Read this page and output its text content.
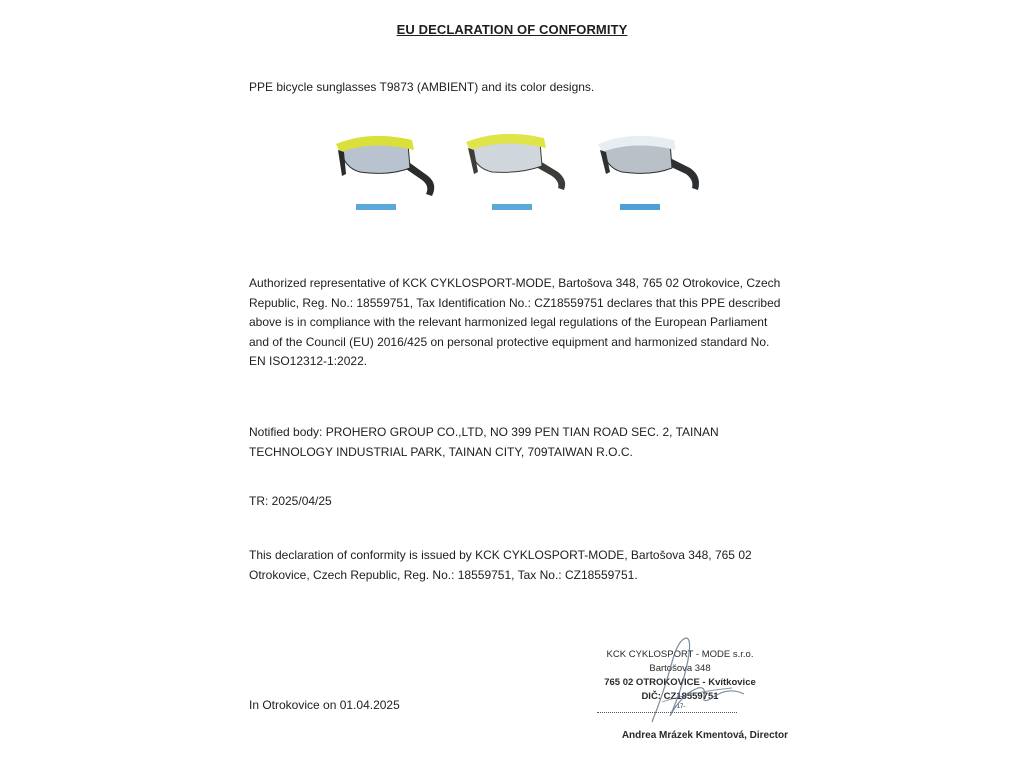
EU DECLARATION OF CONFORMITY

PPE bicycle sunglasses T9873 (AMBIENT) and its color designs.

Authorized representative of KCK CYKLOSPORT-MODE, Bartošova 348, 765 02 Otrokovice, Czech Republic, Reg. No.: 18559751, Tax Identification No.: CZ18559751 declares that this PPE described above is in compliance with the relevant harmonized legal regulations of the European Parliament and of the Council (EU) 2016/425 on personal protective equipment and harmonized standard No. EN ISO12312-1:2022.

Notified body: PROHERO GROUP CO.,LTD, NO 399 PEN TIAN ROAD SEC. 2, TAINAN TECHNOLOGY INDUSTRIAL PARK, TAINAN CITY, 709TAIWAN R.O.C.

TR: 2025/04/25

This declaration of conformity is issued by KCK CYKLOSPORT-MODE, Bartošova 348, 765 02 Otrokovice, Czech Republic, Reg. No.: 18559751, Tax No.: CZ18559751.

In Otrokovice on 01.04.2025

KCK CYKLOSPORT - MODE s.r.o.
Bartošova 348
765 02 OTROKOVICE - Kvítkovice
DIČ: CZ18559751
-17-
Andrea Mrázek Kmentová, Director
